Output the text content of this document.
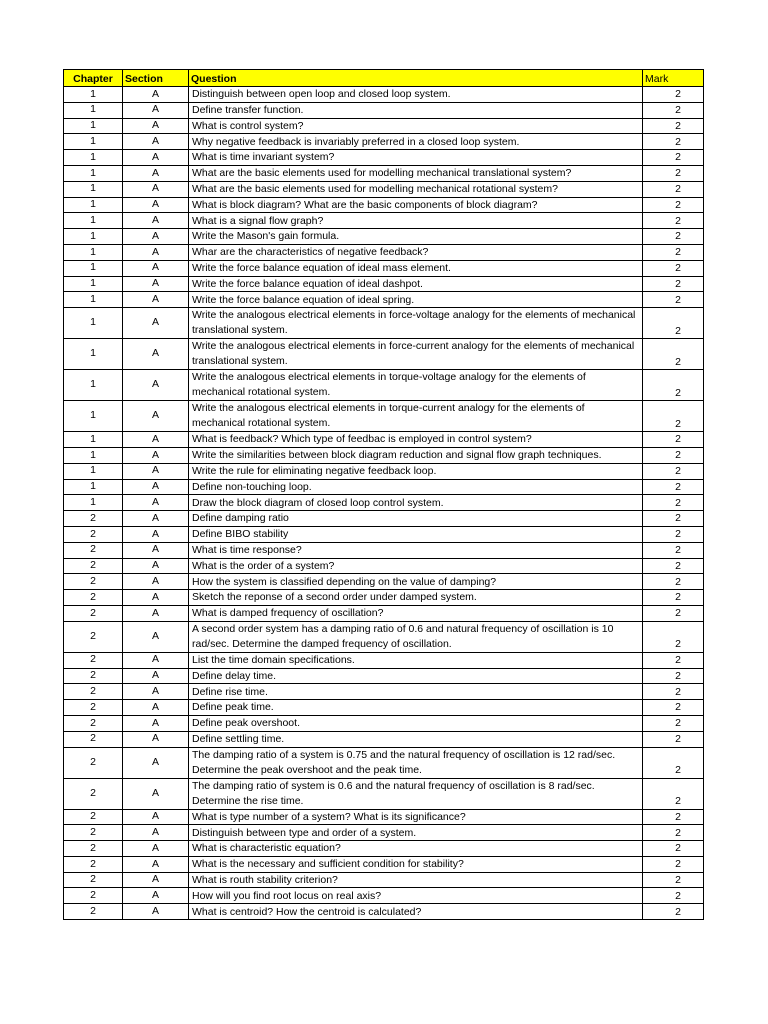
Chapter	Section	Question	Mark
1	A	Distinguish between open loop and closed loop system.	2
1	A	Define transfer function.	2
1	A	What is control system?	2
1	A	Why negative feedback is invariably preferred in a closed loop system.	2
1	A	What is time invariant system?	2
1	A	What are the basic elements used for modelling mechanical translational system?	2
1	A	What are the basic elements used for modelling mechanical rotational system?	2
1	A	What is block diagram? What are the basic components of block diagram?	2
1	A	What is a signal flow graph?	2
1	A	Write the Mason's gain formula.	2
1	A	Whar are the characteristics of negative feedback?	2
1	A	Write the force balance equation of ideal mass element.	2
1	A	Write the force balance equation of ideal dashpot.	2
1	A	Write the force balance equation of ideal spring.	2
1	A	Write the analogous electrical elements in force-voltage analogy for the elements of mechanical translational system.	2
1	A	Write the analogous electrical elements in force-current analogy for the elements of mechanical translational system.	2
1	A	Write the analogous electrical elements in torque-voltage analogy for the elements of mechanical rotational system.	2
1	A	Write the analogous electrical elements in torque-current analogy for the elements of mechanical rotational system.	2
1	A	What is feedback? Which type of feedbac is employed in control system?	2
1	A	Write the similarities between block diagram reduction and signal flow graph techniques.	2
1	A	Write the rule for eliminating negative feedback loop.	2
1	A	Define non-touching loop.	2
1	A	Draw the block diagram of closed loop control system.	2
2	A	Define damping ratio	2
2	A	Define BIBO stability	2
2	A	What is time response?	2
2	A	What is the order of a system?	2
2	A	How the system is classified depending on the value of damping?	2
2	A	Sketch the reponse of a second order under damped system.	2
2	A	What is damped frequency of oscillation?	2
2	A	A second order system has a damping ratio of 0.6 and natural frequency of oscillation is 10 rad/sec. Determine the damped frequency of oscillation.	2
2	A	List the time domain specifications.	2
2	A	Define delay time.	2
2	A	Define rise time.	2
2	A	Define peak time.	2
2	A	Define peak overshoot.	2
2	A	Define settling time.	2
2	A	The damping ratio of a system is 0.75 and the natural frequency of oscillation is 12 rad/sec. Determine the peak overshoot and the peak time.	2
2	A	The damping ratio of system is 0.6 and the natural frequency of oscillation is 8 rad/sec. Determine the rise time.	2
2	A	What is type number of a system? What is its significance?	2
2	A	Distinguish between type and order of a system.	2
2	A	What is characteristic equation?	2
2	A	What is the necessary and sufficient condition for stability?	2
2	A	What is routh stability criterion?	2
2	A	How will you find root locus on real axis?	2
2	A	What is centroid? How the centroid is calculated?	2
